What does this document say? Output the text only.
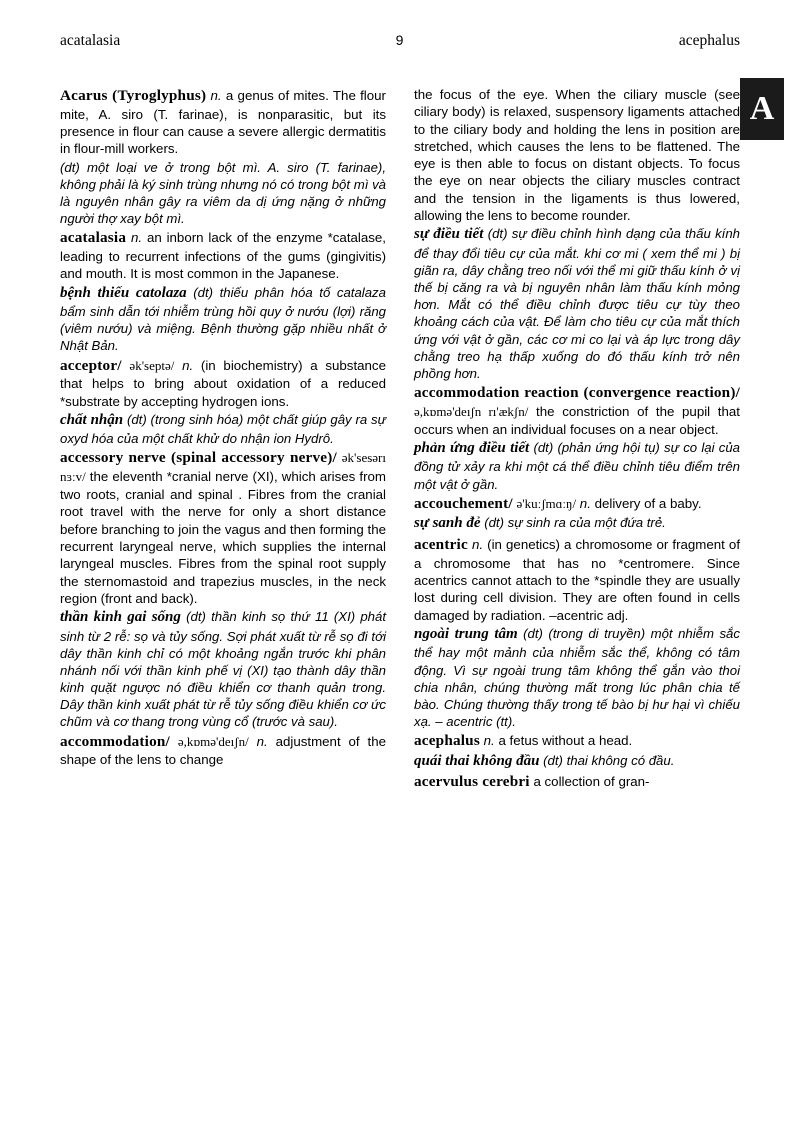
acatalasia	9	acephalus
A

Acarus (Tyroglyphus) n. a genus of mites. The flour mite, A. siro (T. farinae), is nonparasitic, but its presence in flour can cause a severe allergic dermatitis in flour-mill workers.

(dt) một loại ve ở trong bột mì. A. siro (T. farinae), không phải là ký sinh trùng nhưng nó có trong bột mì và là nguyên nhân gây ra viêm da dị ứng nặng ở những người thợ xay bột mì.

acatalasia n. an inborn lack of the enzyme *catalase, leading to recurrent infections of the gums (gingivitis) and mouth. It is most common in the Japanese.

bệnh thiếu catolaza (dt) thiếu phân hóa tố catalaza bẩm sinh dẫn tới nhiễm trùng hồi quy ở nướu (lợi) răng (viêm nướu) và miệng. Bệnh thường gặp nhiều nhất ở Nhật Bản.

acceptor/ ək'septə/ n. (in biochemistry) a substance that helps to bring about oxidation of a reduced *substrate by accepting hydrogen ions.

chất nhận (dt) (trong sinh hóa) một chất giúp gây ra sự oxyd hóa của một chất khử do nhận ion Hydrô.

accessory nerve (spinal accessory nerve)/ ək'sesərı nɜːv/ the eleventh *cranial nerve (XI), which arises from two roots, cranial and spinal . Fibres from the cranial root travel with the nerve for only a short distance before branching to join the vagus and then forming the recurrent laryngeal nerve, which supplies the internal laryngeal muscles. Fibres from the spinal root supply the sternomastoid and trapezius muscles, in the neck region (front and back).

thần kinh gai sống (dt) thần kinh sọ thứ 11 (XI) phát sinh từ 2 rễ: sọ và tủy sống. Sợi phát xuất từ rễ sọ đi tới dây thần kinh chỉ có một khoảng ngắn trước khi phân nhánh nối với thần kinh phế vị (XI) tạo thành dây thần kinh quặt ngược nó điều khiển cơ thanh quản trong. Dây thần kinh xuất phát từ rễ tủy sống điều khiển cơ ức chũm và cơ thang trong vùng cổ (trước và sau).

accommodation/ ə,kɒmə'deıʃn/ n. adjustment of the shape of the lens to change

the focus of the eye. When the ciliary muscle (see ciliary body) is relaxed, suspensory ligaments attached to the ciliary body and holding the lens in position are stretched, which causes the lens to be flattened. The eye is then able to focus on distant objects. To focus the eye on near objects the ciliary muscles contract and the tension in the ligaments is thus lowered, allowing the lens to become rounder.

sự điều tiết (dt) sự điều chỉnh hình dạng của thấu kính để thay đổi tiêu cự của mắt. khi cơ mi ( xem thể mi ) bị giãn ra, dây chằng treo nối với thể mi giữ thấu kính ở vị thế bị căng ra và bị nguyên nhân làm thấu kính mỏng hơn. Mắt có thể điều chỉnh được tiêu cự tùy theo khoảng cách của vật. Để làm cho tiêu cự của mắt thích ứng với vật ở gần, các cơ mi co lại và áp lực trong dây chằng treo hạ thấp xuống do đó thấu kính trở nên phồng hơn.

accommodation reaction (convergence reaction)/ ə,kɒmə'deıʃn rı'ækʃn/ the constriction of the pupil that occurs when an individual focuses on a near object.

phản ứng điều tiết (dt) (phản ứng hội tụ) sự co lại của đồng tử xảy ra khi một cá thể điều chỉnh tiêu điểm trên một vật ở gần.

accouchement/ ə'kuːʃmɑːŋ/ n. delivery of a baby.

sự sanh đẻ (dt) sự sinh ra của một đứa trẻ.

acentric n. (in genetics) a chromosome or fragment of a chromosome that has no *centromere. Since acentrics cannot attach to the *spindle they are usually lost during cell division. They are often found in cells damaged by radiation. –acentric adj.

ngoài trung tâm (dt) (trong di truyền) một nhiễm sắc thể hay một mảnh của nhiễm sắc thể, không có tâm động. Vì sự ngoài trung tâm không thể gắn vào thoi chia nhân, chúng thường mất trong lúc phân chia tế bào. Chúng thường thấy trong tế bào bị hư hại vì chiếu xạ. – acentric (tt).

acephalus n. a fetus without a head.

quái thai không đầu (dt) thai không có đầu.

acervulus cerebri a collection of gran-
